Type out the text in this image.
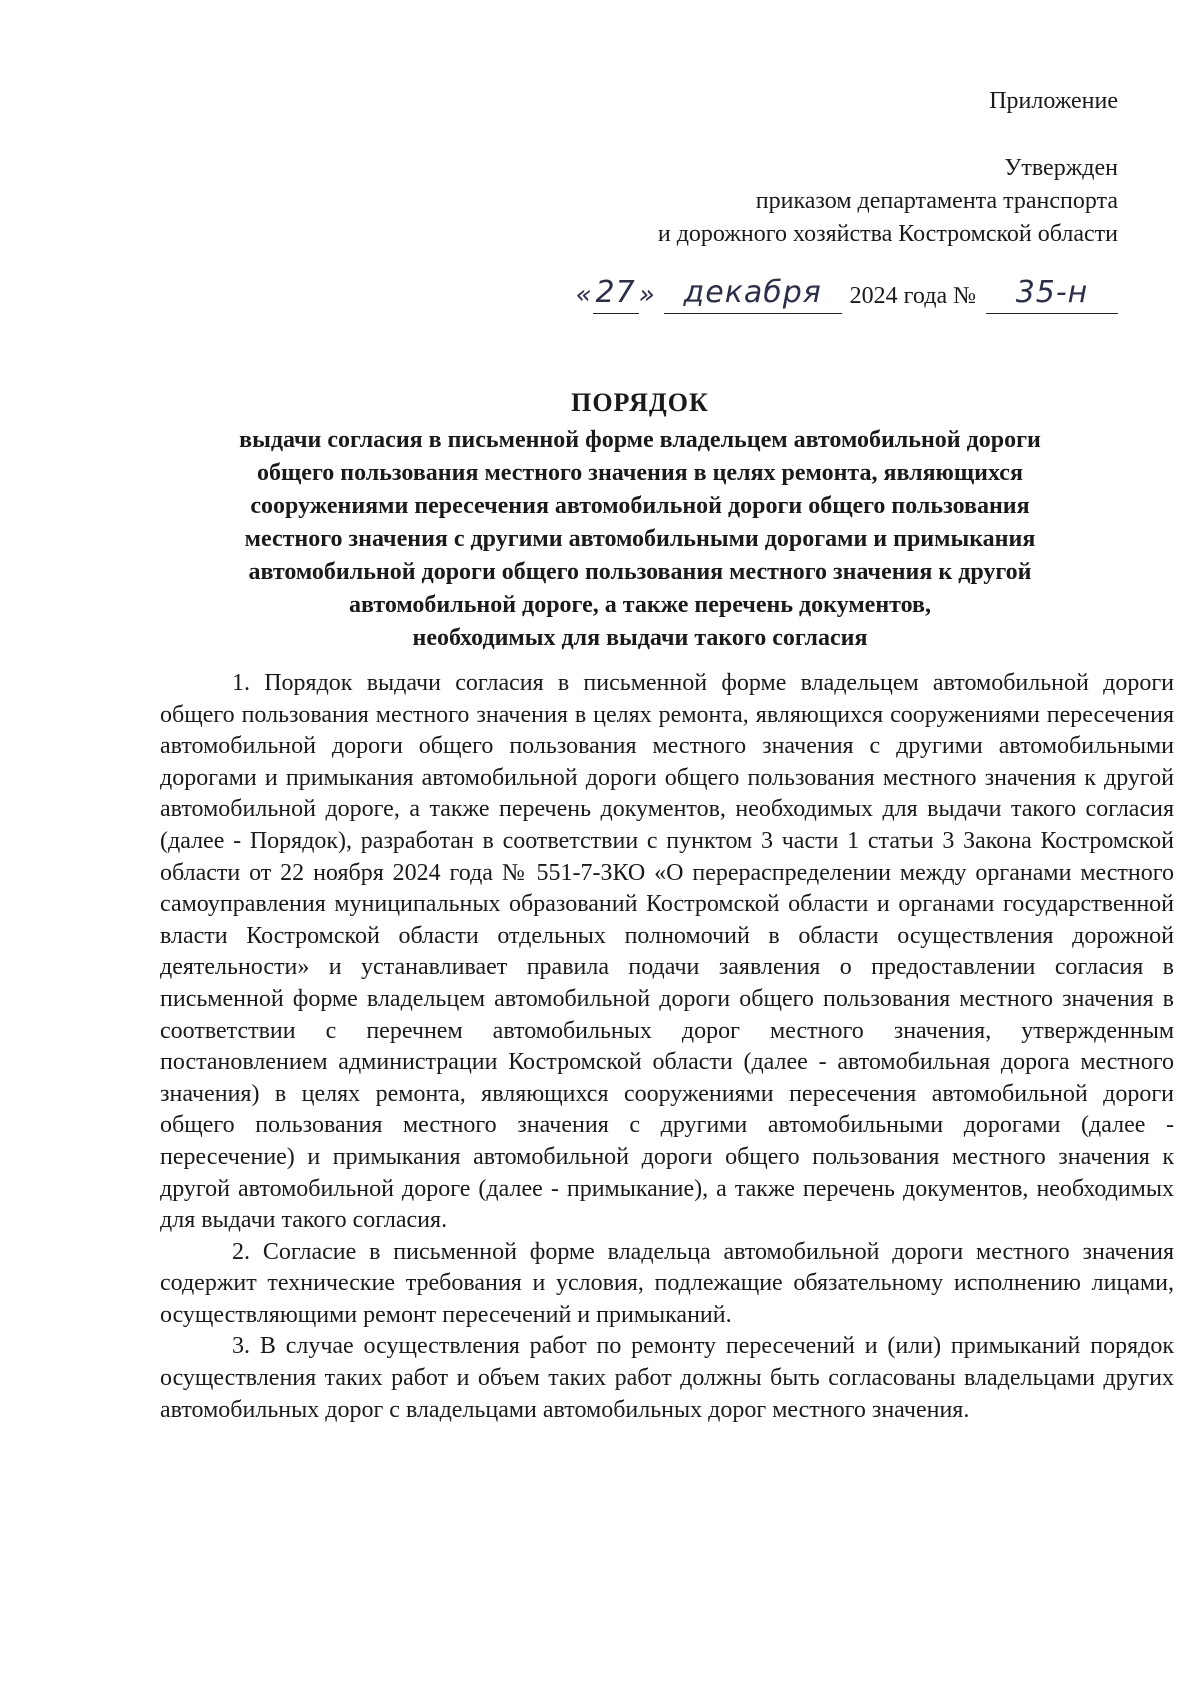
Приложение
Утвержден
приказом департамента транспорта
и дорожного хозяйства Костромской области
« 27 » декабря	2024 года №	35-н
ПОРЯДОК
выдачи согласия в письменной форме владельцем автомобильной дороги
общего пользования местного значения в целях ремонта, являющихся
сооружениями пересечения автомобильной дороги общего пользования
местного значения с другими автомобильными дорогами и примыкания
автомобильной дороги общего пользования местного значения к другой
автомобильной дороге, а также перечень документов,
необходимых для выдачи такого согласия

1. Порядок выдачи согласия в письменной форме владельцем автомобильной дороги общего пользования местного значения в целях ремонта, являющихся сооружениями пересечения автомобильной дороги общего пользования местного значения с другими автомобильными дорогами и примыкания автомобильной дороги общего пользования местного значения к другой автомобильной дороге, а также перечень документов, необходимых для выдачи такого согласия (далее - Порядок), разработан в соответствии с пунктом 3 части 1 статьи 3 Закона Костромской области от 22 ноября 2024 года № 551-7-ЗКО «О перераспределении между органами местного самоуправления муниципальных образований Костромской области и органами государственной власти Костромской области отдельных полномочий в области осуществления дорожной деятельности» и устанавливает правила подачи заявления о предоставлении согласия в письменной форме владельцем автомобильной дороги общего пользования местного значения в соответствии с перечнем автомобильных дорог местного значения, утвержденным постановлением администрации Костромской области (далее - автомобильная дорога местного значения) в целях ремонта, являющихся сооружениями пересечения автомобильной дороги общего пользования местного значения с другими автомобильными дорогами (далее - пересечение) и примыкания автомобильной дороги общего пользования местного значения к другой автомобильной дороге (далее - примыкание), а также перечень документов, необходимых для выдачи такого согласия.

2. Согласие в письменной форме владельца автомобильной дороги местного значения содержит технические требования и условия, подлежащие обязательному исполнению лицами, осуществляющими ремонт пересечений и примыканий.

3. В случае осуществления работ по ремонту пересечений и (или) примыканий порядок осуществления таких работ и объем таких работ должны быть согласованы владельцами других автомобильных дорог с владельцами автомобильных дорог местного значения.
